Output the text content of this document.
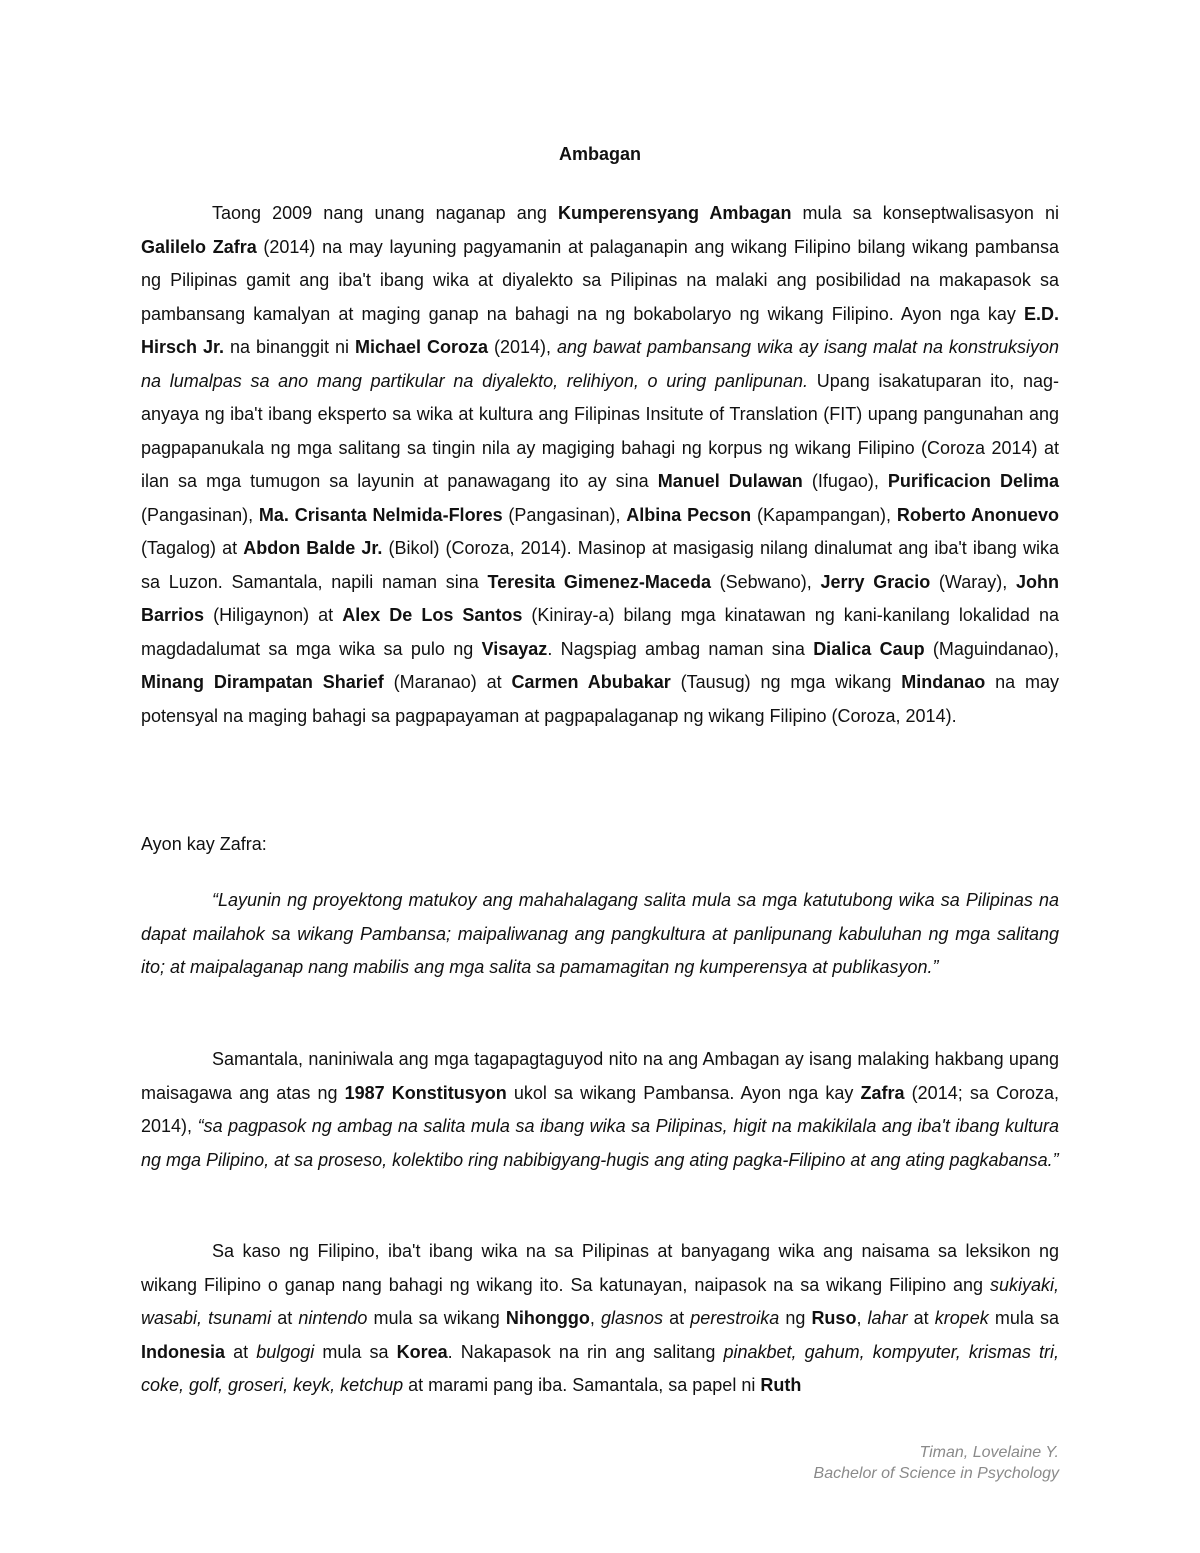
Ambagan

Taong 2009 nang unang naganap ang Kumperensyang Ambagan mula sa konseptwalisasyon ni Galilelo Zafra (2014) na may layuning pagyamanin at palaganapin ang wikang Filipino bilang wikang pambansa ng Pilipinas gamit ang iba't ibang wika at diyalekto sa Pilipinas na malaki ang posibilidad na makapasok sa pambansang kamalyan at maging ganap na bahagi na ng bokabolaryo ng wikang Filipino. Ayon nga kay E.D. Hirsch Jr. na binanggit ni Michael Coroza (2014), ang bawat pambansang wika ay isang malat na konstruksiyon na lumalpas sa ano mang partikular na diyalekto, relihiyon, o uring panlipunan. Upang isakatuparan ito, nag-anyaya ng iba't ibang eksperto sa wika at kultura ang Filipinas Insitute of Translation (FIT) upang pangunahan ang pagpapanukala ng mga salitang sa tingin nila ay magiging bahagi ng korpus ng wikang Filipino (Coroza 2014) at ilan sa mga tumugon sa layunin at panawagang ito ay sina Manuel Dulawan (Ifugao), Purificacion Delima (Pangasinan), Ma. Crisanta Nelmida-Flores (Pangasinan), Albina Pecson (Kapampangan), Roberto Anonuevo (Tagalog) at Abdon Balde Jr. (Bikol) (Coroza, 2014). Masinop at masigasig nilang dinalumat ang iba't ibang wika sa Luzon. Samantala, napili naman sina Teresita Gimenez-Maceda (Sebwano), Jerry Gracio (Waray), John Barrios (Hiligaynon) at Alex De Los Santos (Kiniray-a) bilang mga kinatawan ng kani-kanilang lokalidad na magdadalumat sa mga wika sa pulo ng Visayaz. Nagspiag ambag naman sina Dialica Caup (Maguindanao), Minang Dirampatan Sharief (Maranao) at Carmen Abubakar (Tausug) ng mga wikang Mindanao na may potensyal na maging bahagi sa pagpapayaman at pagpapalaganap ng wikang Filipino (Coroza, 2014).

Ayon kay Zafra:

“Layunin ng proyektong matukoy ang mahahalagang salita mula sa mga katutubong wika sa Pilipinas na dapat mailahok sa wikang Pambansa; maipaliwanag ang pangkultura at panlipunang kabuluhan ng mga salitang ito; at maipalaganap nang mabilis ang mga salita sa pamamagitan ng kumperensya at publikasyon.”

Samantala, naniniwala ang mga tagapagtaguyod nito na ang Ambagan ay isang malaking hakbang upang maisagawa ang atas ng 1987 Konstitusyon ukol sa wikang Pambansa. Ayon nga kay Zafra (2014; sa Coroza, 2014), “sa pagpasok ng ambag na salita mula sa ibang wika sa Pilipinas, higit na makikilala ang iba't ibang kultura ng mga Pilipino, at sa proseso, kolektibo ring nabibigyang-hugis ang ating pagka-Filipino at ang ating pagkabansa.”

Sa kaso ng Filipino, iba't ibang wika na sa Pilipinas at banyagang wika ang naisama sa leksikon ng wikang Filipino o ganap nang bahagi ng wikang ito. Sa katunayan, naipasok na sa wikang Filipino ang sukiyaki, wasabi, tsunami at nintendo mula sa wikang Nihonggo, glasnos at perestroika ng Ruso, lahar at kropek mula sa Indonesia at bulgogi mula sa Korea. Nakapasok na rin ang salitang pinakbet, gahum, kompyuter, krismas tri, coke, golf, groseri, keyk, ketchup at marami pang iba. Samantala, sa papel ni Ruth

Timan, Lovelaine Y.
Bachelor of Science in Psychology
